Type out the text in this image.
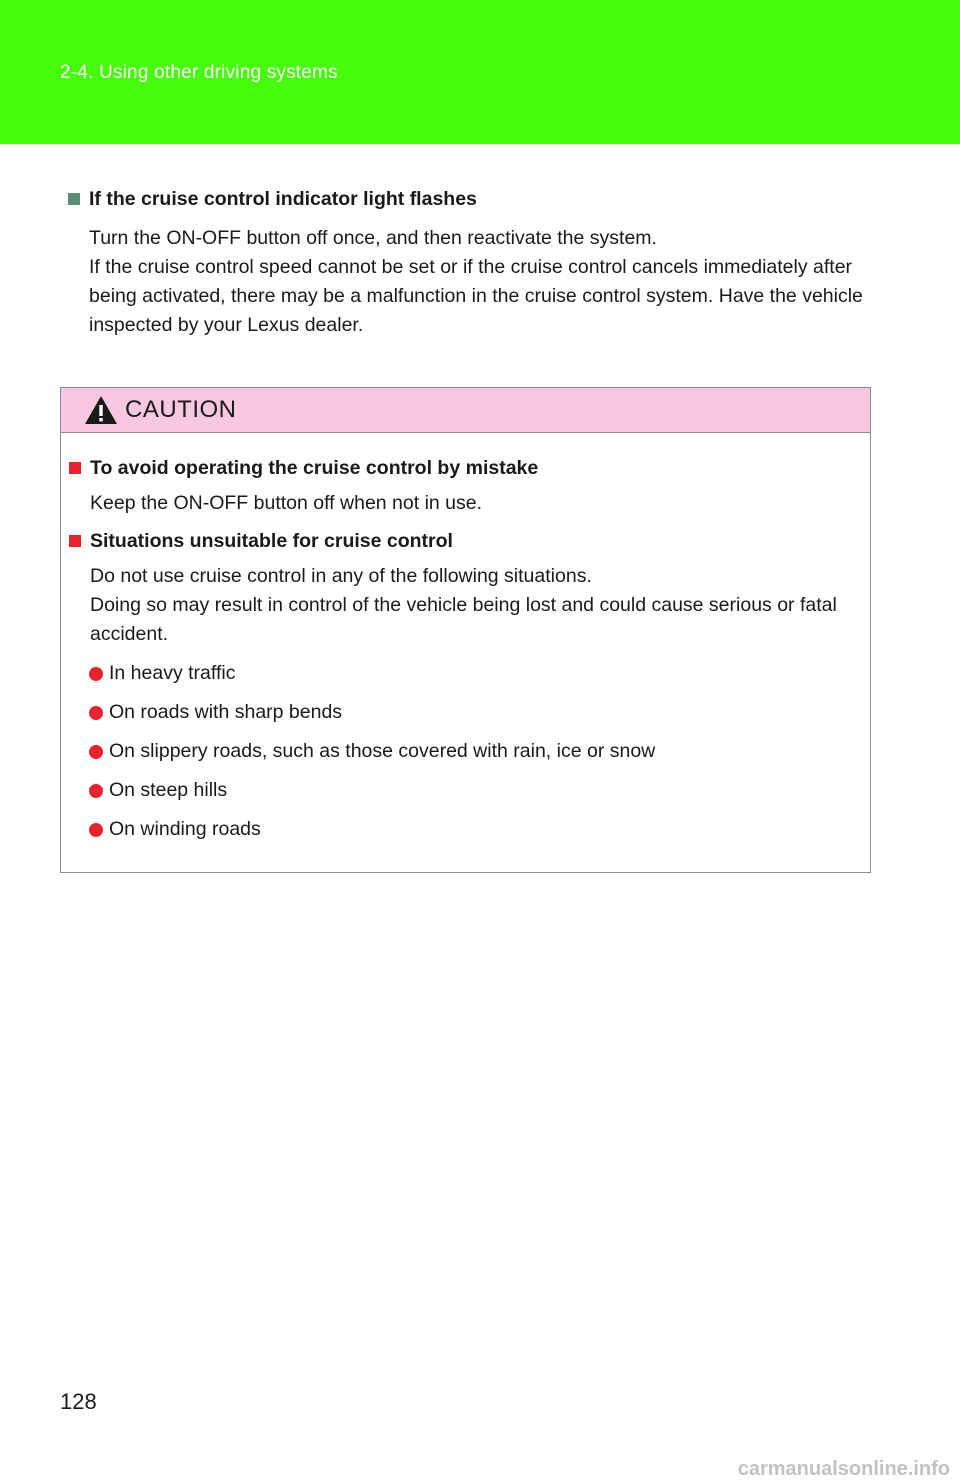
2-4. Using other driving systems
If the cruise control indicator light flashes

Turn the ON-OFF button off once, and then reactivate the system.

If the cruise control speed cannot be set or if the cruise control cancels immediately after being activated, there may be a malfunction in the cruise control system. Have the vehicle inspected by your Lexus dealer.

CAUTION
To avoid operating the cruise control by mistake

Keep the ON-OFF button off when not in use.

Situations unsuitable for cruise control

Do not use cruise control in any of the following situations.

Doing so may result in control of the vehicle being lost and could cause serious or fatal accident.

In heavy traffic
On roads with sharp bends
On slippery roads, such as those covered with rain, ice or snow
On steep hills
On winding roads
128
carmanualsonline.info
